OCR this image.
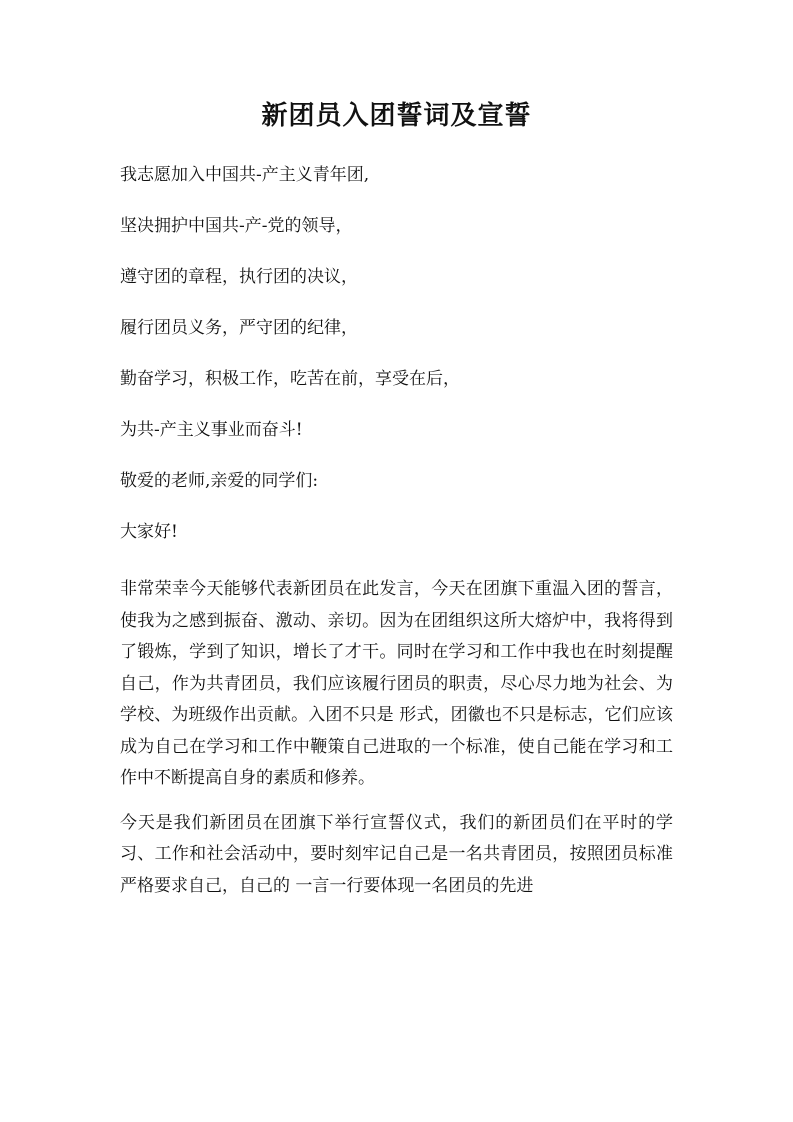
新团员入团誓词及宣誓

我志愿加入中国共-产主义青年团,

坚决拥护中国共-产-党的领导，

遵守团的章程，执行团的决议，

履行团员义务，严守团的纪律，

勤奋学习，积极工作，吃苦在前，享受在后，

为共-产主义事业而奋斗!

敬爱的老师,亲爱的同学们:

大家好!

非常荣幸今天能够代表新团员在此发言，今天在团旗下重温入团的誓言，使我为之感到振奋、激动、亲切。因为在团组织这所大熔炉中，我将得到了锻炼，学到了知识，增长了才干。同时在学习和工作中我也在时刻提醒自己，作为共青团员，我们应该履行团员的职责，尽心尽力地为社会、为学校、为班级作出贡献。入团不只是 形式，团徽也不只是标志，它们应该成为自己在学习和工作中鞭策自己进取的一个标准，使自己能在学习和工作中不断提高自身的素质和修养。

今天是我们新团员在团旗下举行宣誓仪式，我们的新团员们在平时的学习、工作和社会活动中，要时刻牢记自己是一名共青团员，按照团员标准严格要求自己，自己的 一言一行要体现一名团员的先进
